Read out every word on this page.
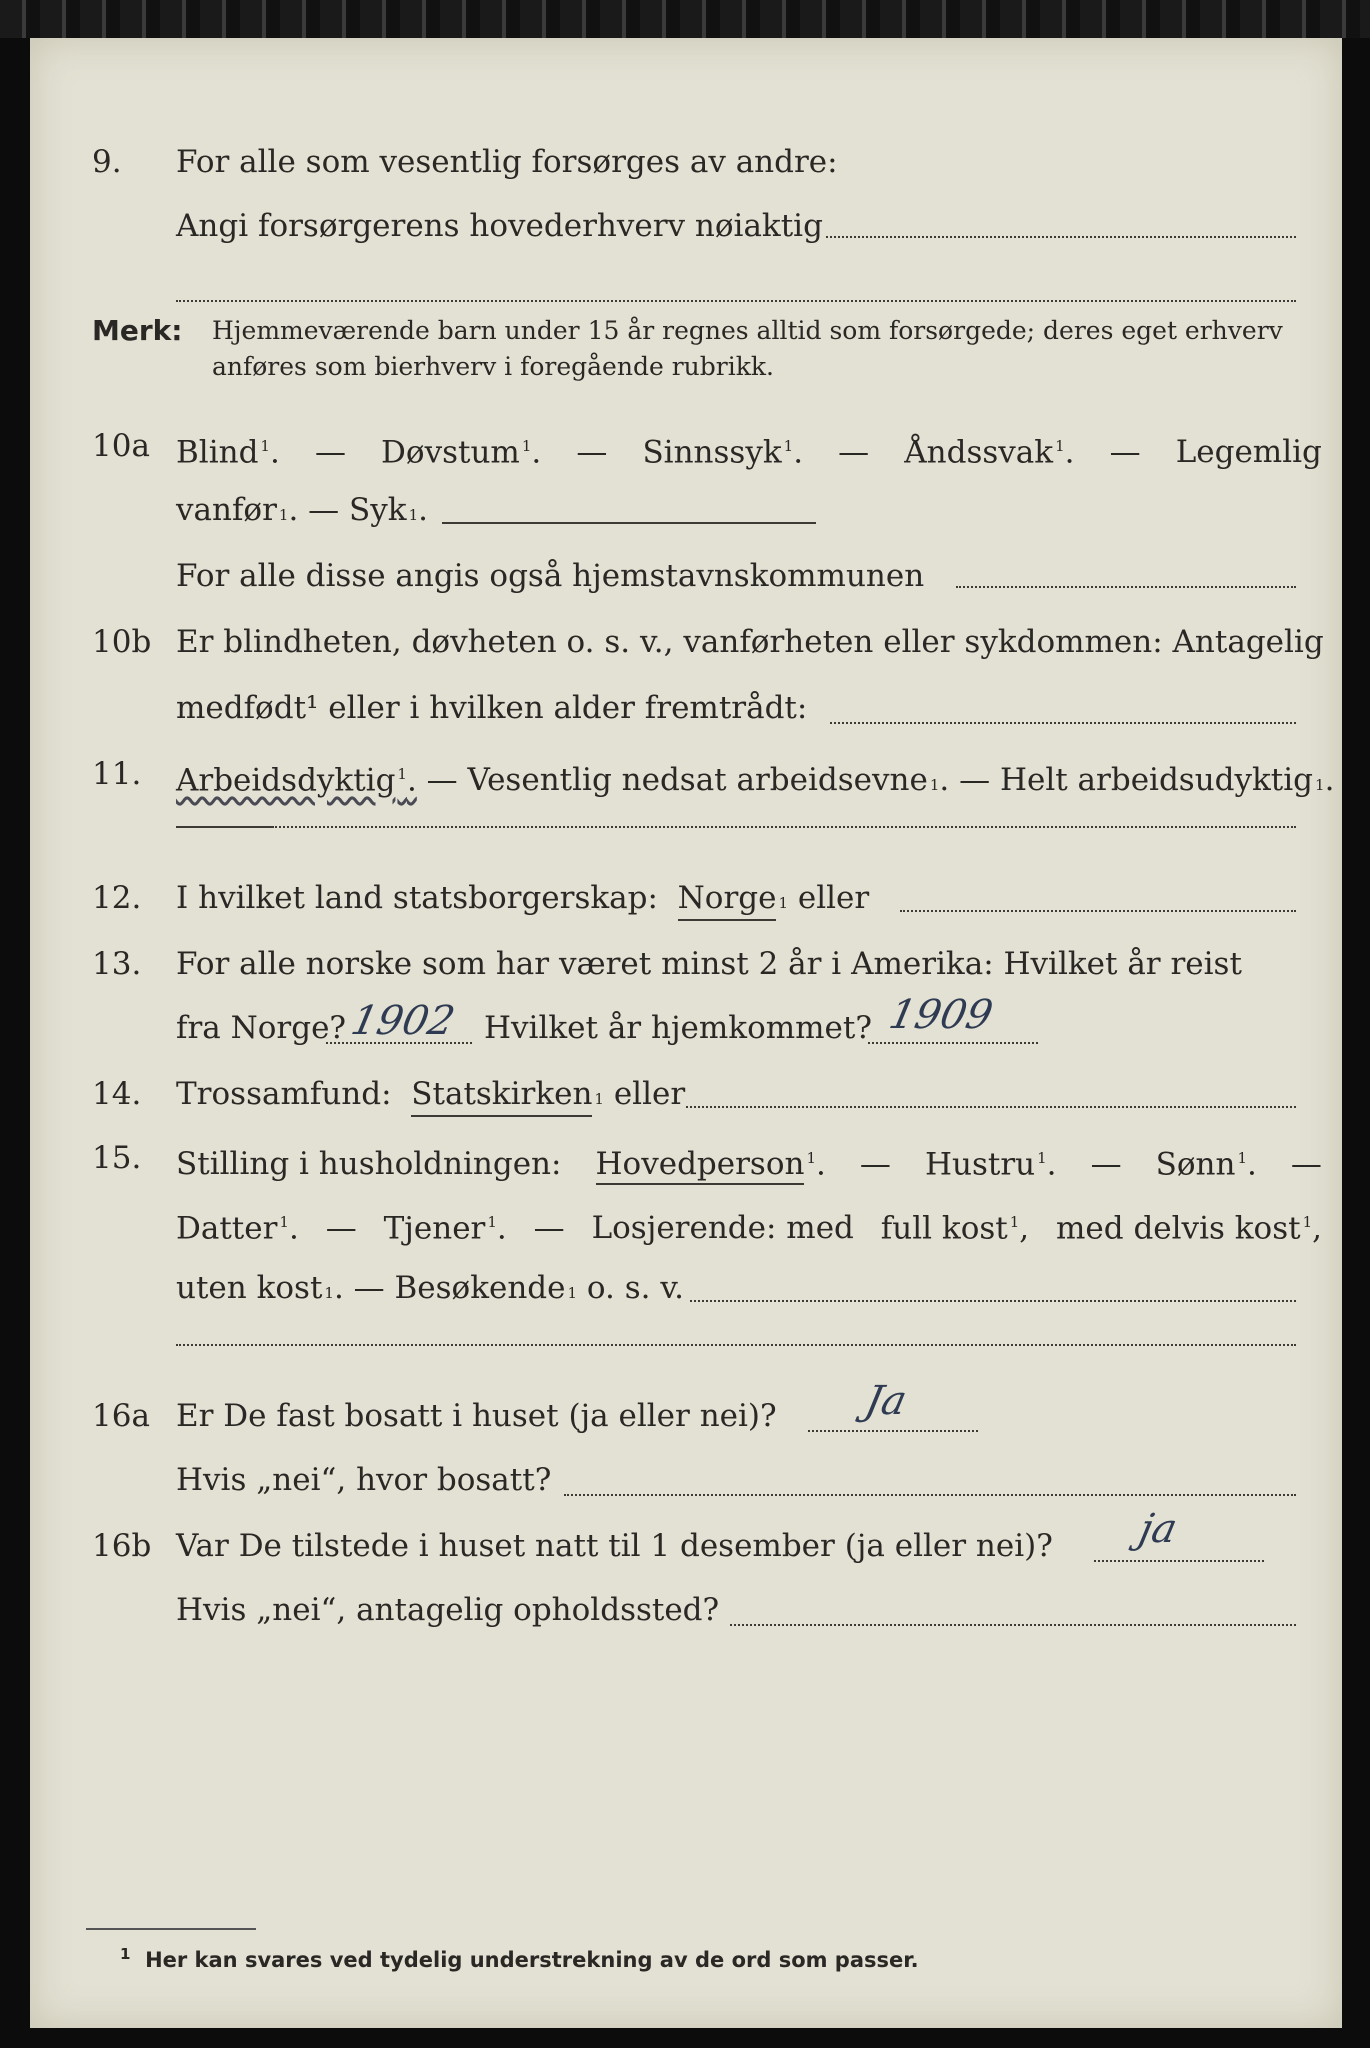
9.	For alle som vesentlig forsørges av andre:
Angi forsørgerens hovederhverv nøiaktig
Merk: Hjemmeværende barn under 15 år regnes alltid som forsørgede; deres eget erhverv
anføres som bierhverv i foregående rubrikk.
10a Blind $^1$. — Døvstum $^1$. — Sinnssyk $^1$. — Åndssvak $^1$. — Legemlig
vanfør 1 . — Syk 1 .
For alle disse angis også hjemstavnskommunen
10b Er blindheten, døvheten o. s. v., vanførheten eller sykdommen: Antagelig
medfødt¹ eller i hvilken alder fremtrådt:
11.	Arbeidsdyktig $^1$. — Vesentlig nedsat arbeidsevne 1 . — Helt arbeidsudyktig 1 .
12.	I hvilket land statsborgerskap:
Norge 1
eller
13.	For alle norske som har været minst 2 år i Amerika: Hvilket år reist
fra Norge? 1902 Hvilket år hjemkommet? 1909
14.	Trossamfund:
Statskirken 1
eller
15.	Stilling i husholdningen: Hovedperson $^1$. — Hustru $^1$. — Sønn $^1$. —
Datter $^1$. — Tjener $^1$. — Losjerende: med full kost $^1$, med delvis kost $^1$,
uten kost 1 . — Besøkende 1
o. s. v.
16a Er De fast bosatt i huset (ja eller nei)? Ja
Hvis „nei“, hvor bosatt?
16b Var De tilstede i huset natt til 1 desember (ja eller nei)? ja
Hvis „nei“, antagelig opholdssted?
$^1$ Her kan svares ved tydelig understrekning av de ord som passer.
